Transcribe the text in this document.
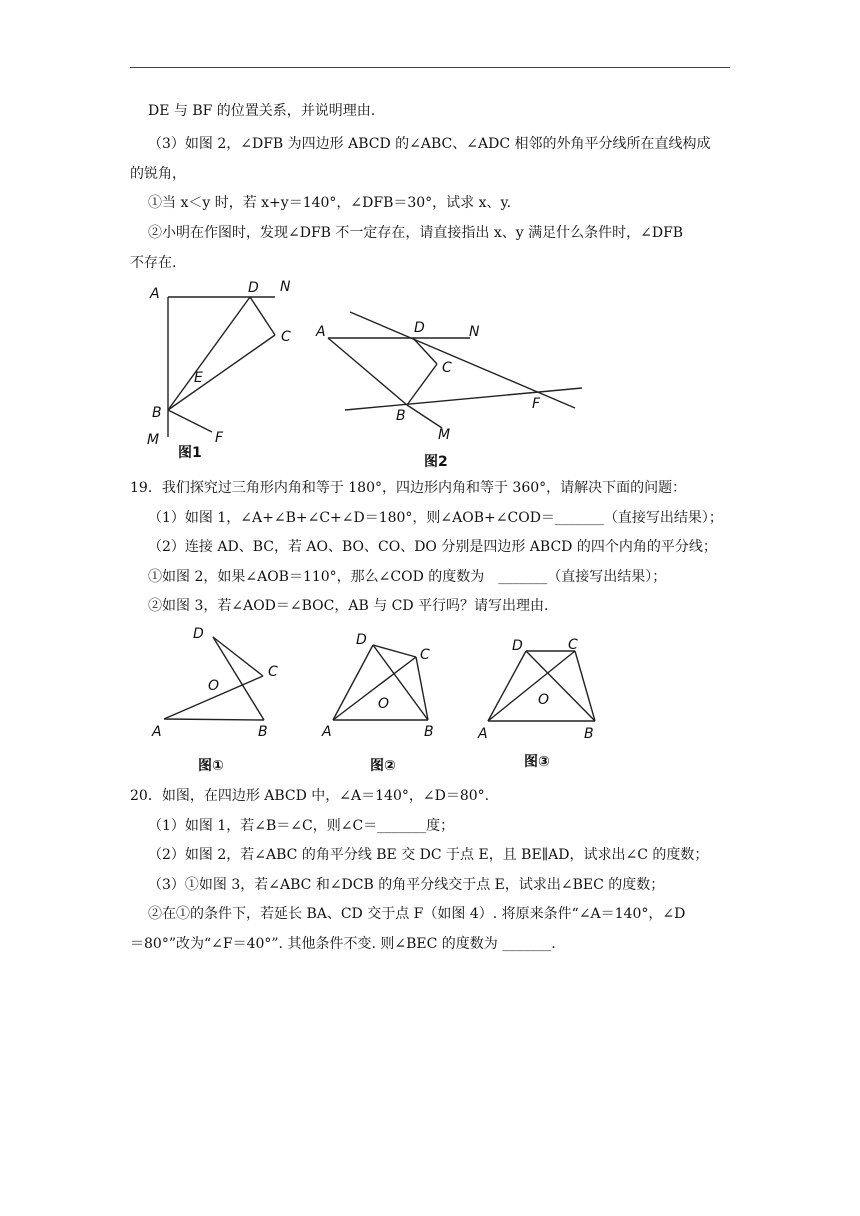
DE 与 BF 的位置关系，并说明理由.
（3）如图 2，∠DFB 为四边形 ABCD 的∠ABC、∠ADC 相邻的外角平分线所在直线构成
的锐角，
①当 x＜y 时，若 x+y＝140°，∠DFB＝30°，试求 x、y.
②小明在作图时，发现∠DFB 不一定存在，请直接指出 x、y 满足什么条件时，∠DFB
不存在.
A	D N
C
E
B
F
M
图1
A	D	N
C
B
F
M
图2
19．我们探究过三角形内角和等于 180°，四边形内角和等于 360°，请解决下面的问题：
（1）如图 1，∠A+∠B+∠C+∠D＝180°，则∠AOB+∠COD＝_______（直接写出结果）；
（2）连接 AD、BC，若 AO、BO、CO、DO 分别是四边形 ABCD 的四个内角的平分线；
①如图 2，如果∠AOB＝110°，那么∠COD 的度数为　_______（直接写出结果）；
②如图 3，若∠AOD＝∠BOC，AB 与 CD 平行吗？请写出理由.
D
C
O
A	B
图①
D
C
O
A	B
图②
D	C
O
A	B
图③
20．如图，在四边形 ABCD 中，∠A＝140°，∠D＝80°.
（1）如图 1，若∠B＝∠C，则∠C＝_______度；
（2）如图 2，若∠ABC 的角平分线 BE 交 DC 于点 E，且 BE∥AD，试求出∠C 的度数；
（3）①如图 3，若∠ABC 和∠DCB 的角平分线交于点 E，试求出∠BEC 的度数；
②在①的条件下，若延长 BA、CD 交于点 F（如图 4）. 将原来条件“∠A＝140°，∠D
＝80°”改为“∠F＝40°”. 其他条件不变. 则∠BEC 的度数为 _______.
